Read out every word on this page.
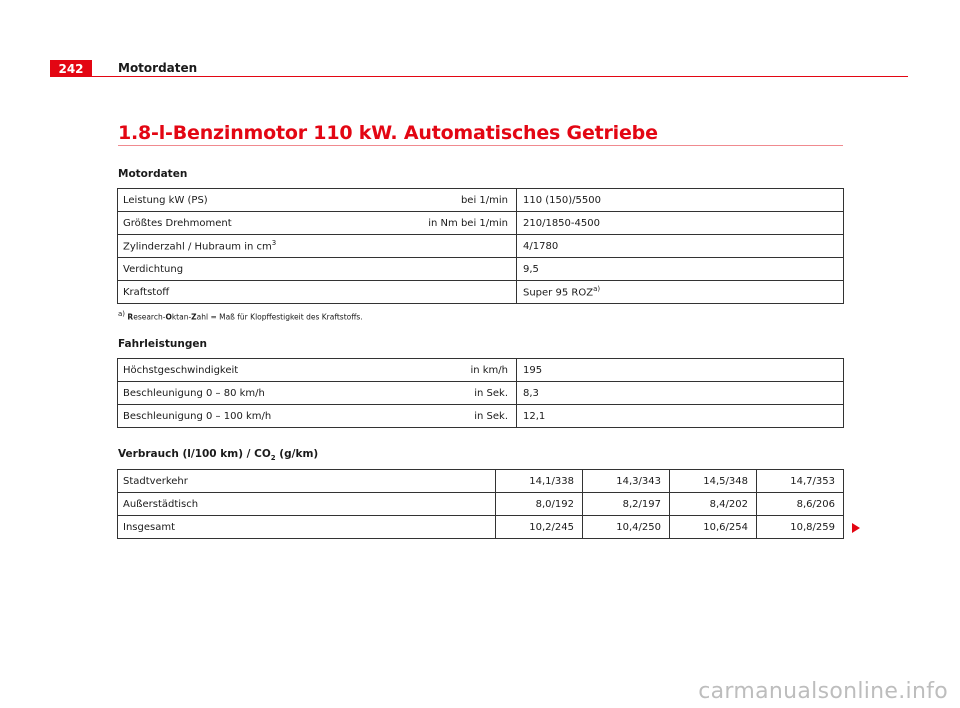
242	Motordaten
1.8-l-Benzinmotor 110 kW. Automatisches Getriebe
Motordaten
Leistung kW (PS)	bei 1/min	110 (150)/5500
Größtes Drehmoment	in Nm bei 1/min	210/1850-4500
Zylinderzahl / Hubraum in $cm^3$		4/1780
Verdichtung		9,5
Kraftstoff		Super 95 ROZ$^{a)}$
$^{a)}$ Research-Oktan-Zahl = Maß für Klopffestigkeit des Kraftstoffs.
Fahrleistungen
Höchstgeschwindigkeit	in km/h	195
Beschleunigung 0 – 80 km/h	in Sek.	8,3
Beschleunigung 0 – 100 km/h	in Sek.	12,1
Verbrauch (l/100 $km) / CO_2$ (g/km)
Stadtverkehr	14,1/338	14,3/343	14,5/348	14,7/353
Außerstädtisch	8,0/192	8,2/197	8,4/202	8,6/206
Insgesamt	10,2/245	10,4/250	10,6/254	10,8/259
carmanualsonline.info
